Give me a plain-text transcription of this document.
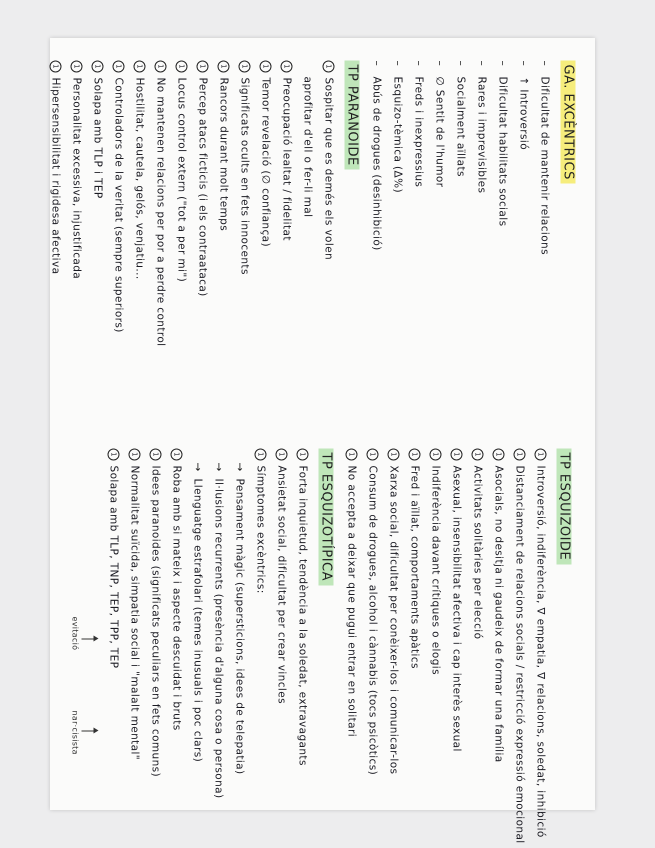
GA. EXCÈNTRICS
–Dificultat de mantenir relacions
–↑ Introversió
–Dificultat habilitats socials
–Rares i imprevisibles
–Socialment aïllats
–∅ Sentit de l'humor
–Freds i inexpressius
–Esquizo-tèmica (Δ%)
–Abús de drogues (desinhibició)
TP PARANOIDE
1Sospitar que es demés els volen
aprofitar d'ell o fer-li mal
1Preocupació lealtat / fidelitat
1Temor revelació (∅ confiança)
1Significats ocults en fets innocents
1Rancors durant molt temps
1Percep atacs ficticis (i els contraataca)
1Locus control extern ("tot a per mi")
1No mantenen relacions per por a perdre control
1Hostilitat, cautela, gelós, venjatiu...
1Controladors de la veritat (sempre superiors)
1Solapa amb TLP i TEP
1Personalitat excessiva, injustificada
1Hipersensibilitat i rigidesa afectiva
TP ESQUIZOIDE
1Introversió, indiferència, ∇ empatia, ∇ relacions, soledat, inhibició
1Distanciament de relacions socials / restricció expressió emocional
1Asocials, no desitja ni gaudeix de formar una família
1Activitats solitàries per elecció
1Asexual, insensibilitat afectiva i cap interès sexual
1Indiferència davant crítiques o elogis
1Fred i aïllat, comportaments apàtics
1Xarxa social, dificultat per conèixer-los i comunicar-los
1Consum de drogues, alcohol i cànnabis (tocs psicòtics)
1No accepta a deixar que pugui entrar en solitari
TP ESQUIZOTÍPICA
1Forta inquietud, tendència a la soledat, extravagants
1Ansietat social, dificultat per crear vincles
1Símptomes excèntrics:
→Pensament màgic (supersticions, idees de telepatia)
→Il·lusions recurrents (presència d'alguna cosa o persona)
→Llenguatge estrafolari (temes inusuals i poc clars)
1Roba amb si mateix i aspecte descuidat i bruts
1Idees paranoides (significats peculiars en fets comuns)
1Normalitat suïcida, simpatia social i "malalt mental"
1Solapa amb TLP, TNP, TEP, TPP, TEP
evitació
nar·cisista
